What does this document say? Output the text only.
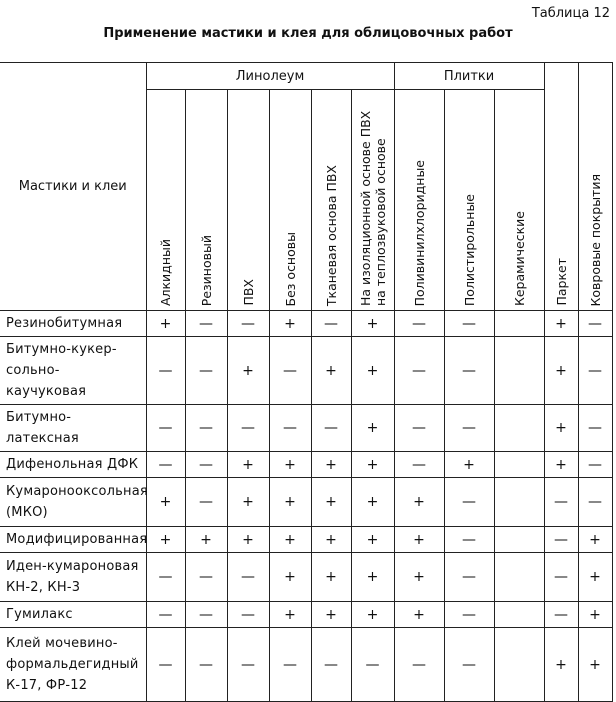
Таблица 12
Применение мастики и клея для облицовочных работ
Мастики и клеи	Линолеум						Плитки			Паркет	Ковровые покрытия
	Алкидный	Резиновый	ПВХ	Без основы	Тканевая основа ПВХ	На изоляционной основе ПВХ на теплозвуковой основе	Поливинилхлоридные	Полистирольные	Керамические		
Резинобитумная	+	—	—	+	—	+	—	—		+	—
Битумно-кукер-сольно-каучуковая	—	—	+	—	+	+	—	—		+	—
Битумно-латексная	—	—	—	—	—	+	—	—		+	—
Дифенольная ДФК	—	—	+	+	+	+	—	+		+	—
Кумаронооксольная (МКО)	+	—	+	+	+	+	+	—		—	—
Модифицированная	+	+	+	+	+	+	+	—		—	+
Иден-кумароновая КН-2, КН-3	—	—	—	+	+	+	+	—		—	+
Гумилакс	—	—	—	+	+	+	+	—		—	+
Клей мочевино-формальдегидный К-17, ФР-12	—	—	—	—	—	—	—	—		+	+
